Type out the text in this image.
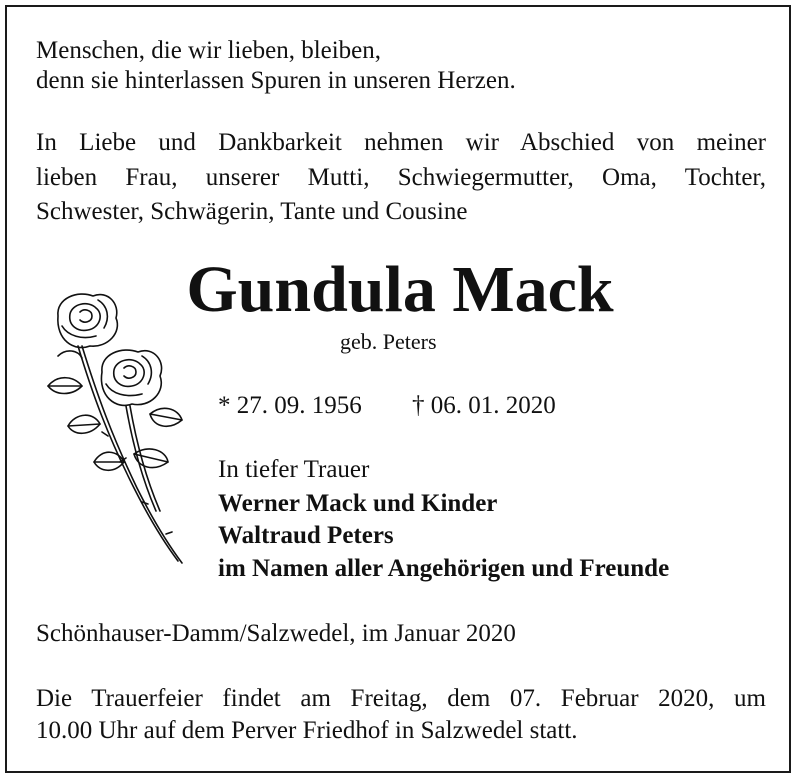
Menschen, die wir lieben, bleiben,
denn sie hinterlassen Spuren in unseren Herzen.
In Liebe und Dankbarkeit nehmen wir Abschied von meiner
lieben Frau, unserer Mutti, Schwiegermutter, Oma, Tochter,
Schwester, Schwägerin, Tante und Cousine
Gundula Mack
geb. Peters
* 27. 09. 1956 † 06. 01. 2020
In tiefer Trauer
Werner Mack und Kinder
Waltraud Peters
im Namen aller Angehörigen und Freunde
Schönhauser-Damm/Salzwedel, im Januar 2020
Die Trauerfeier findet am Freitag, dem 07. Februar 2020, um
10.00 Uhr auf dem Perver Friedhof in Salzwedel statt.
